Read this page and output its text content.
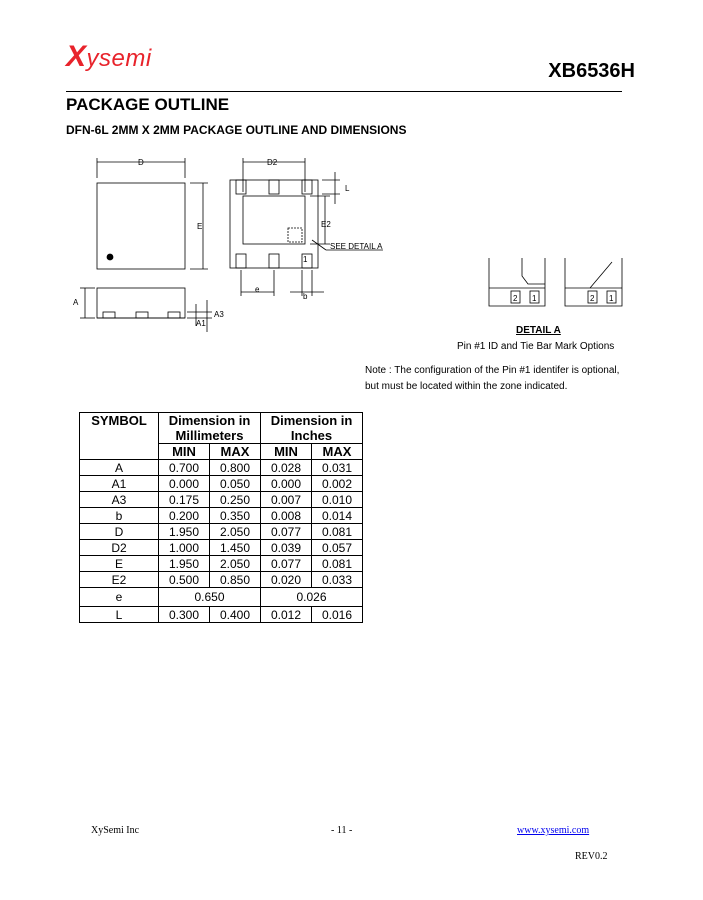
Xysemi	XB6536H
PACKAGE OUTLINE
DFN-6L 2MM X 2MM PACKAGE OUTLINE AND DIMENSIONS
D
E
D2
L
E2
SEE DETAIL A
1
e
b
A
A1
A3
2 1	2 1
DETAIL A
Pin #1 ID and Tie Bar Mark Options
Note : The configuration of the Pin #1 identifer is optional,
but must be located within the zone indicated.
SYMBOL	Dimension in Millimeters		Dimension in Inches	
	MIN	MAX	MIN	MAX
A	0.700	0.800	0.028	0.031
A1	0.000	0.050	0.000	0.002
A3	0.175	0.250	0.007	0.010
b	0.200	0.350	0.008	0.014
D	1.950	2.050	0.077	0.081
D2	1.000	1.450	0.039	0.057
E	1.950	2.050	0.077	0.081
E2	0.500	0.850	0.020	0.033
e	0.650		0.026	
L	0.300	0.400	0.012	0.016
XySemi Inc	- 11 -	www.xysemi.com
REV0.2
